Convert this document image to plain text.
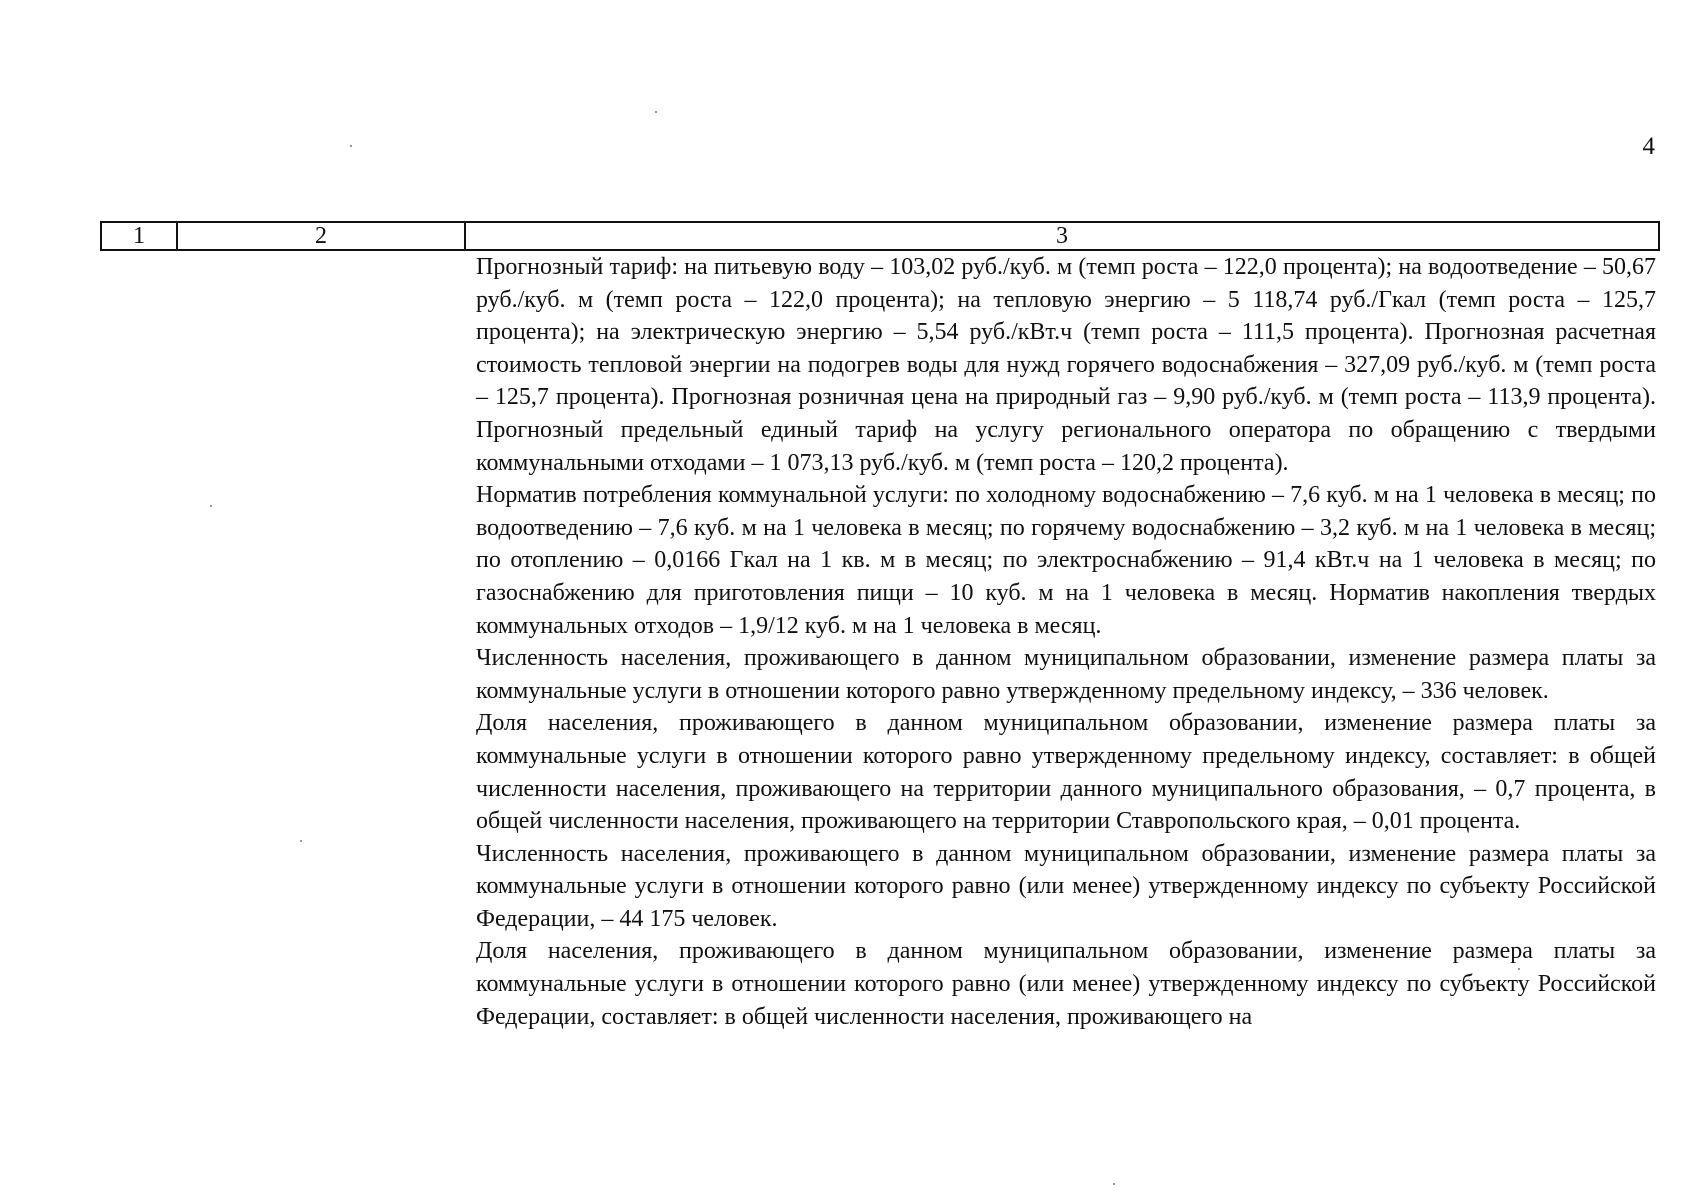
4
1	2	3

Прогнозный тариф: на питьевую воду – 103,02 руб./куб. м (темп роста – 122,0 процента); на водоотведение – 50,67 руб./куб. м (темп роста – 122,0 процента); на тепловую энергию – 5 118,74 руб./Гкал (темп роста – 125,7 процента); на электрическую энергию – 5,54 руб./кВт.ч (темп роста – 111,5 процента). Прогнозная расчетная стоимость тепловой энергии на подогрев воды для нужд горячего водоснабжения – 327,09 руб./куб. м (темп роста – 125,7 процента). Прогнозная розничная цена на природный газ – 9,90 руб./куб. м (темп роста – 113,9 процента). Прогнозный предельный единый тариф на услугу регионального оператора по обращению с твердыми коммунальными отходами – 1 073,13 руб./куб. м (темп роста – 120,2 процента).

Норматив потребления коммунальной услуги: по холодному водоснабжению – 7,6 куб. м на 1 человека в месяц; по водоотведению – 7,6 куб. м на 1 человека в месяц; по горячему водоснабжению – 3,2 куб. м на 1 человека в месяц; по отоплению – 0,0166 Гкал на 1 кв. м в месяц; по электроснабжению – 91,4 кВт.ч на 1 человека в месяц; по газоснабжению для приготовления пищи – 10 куб. м на 1 человека в месяц. Норматив накопления твердых коммунальных отходов – 1,9/12 куб. м на 1 человека в месяц.

Численность населения, проживающего в данном муниципальном образовании, изменение размера платы за коммунальные услуги в отношении которого равно утвержденному предельному индексу, – 336 человек.

Доля населения, проживающего в данном муниципальном образовании, изменение размера платы за коммунальные услуги в отношении которого равно утвержденному предельному индексу, составляет: в общей численности населения, проживающего на территории данного муниципального образования, – 0,7 процента, в общей численности населения, проживающего на территории Ставропольского края, – 0,01 процента.

Численность населения, проживающего в данном муниципальном образовании, изменение размера платы за коммунальные услуги в отношении которого равно (или менее) утвержденному индексу по субъекту Российской Федерации, – 44 175 человек.

Доля населения, проживающего в данном муниципальном образовании, изменение размера платы за коммунальные услуги в отношении которого равно (или менее) утвержденному индексу по субъекту Российской Федерации, составляет: в общей численности населения, проживающего на
